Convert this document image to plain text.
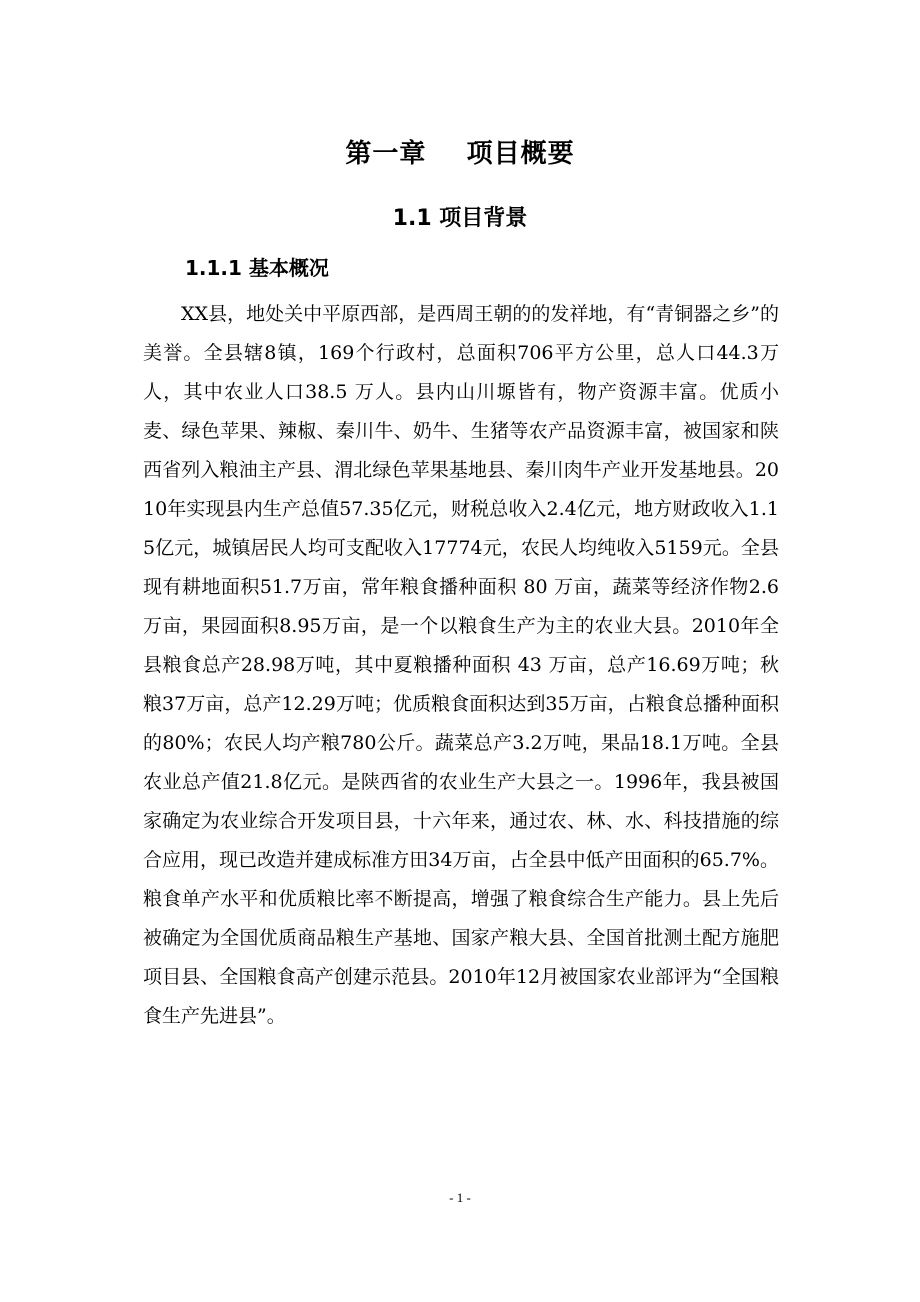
第一章    项目概要
1.1 项目背景
1.1.1 基本概况

XX县，地处关中平原西部，是西周王朝的的发祥地，有“青铜器之乡”的美誉。全县辖8镇，169个行政村，总面积706平方公里，总人口44.3万人，其中农业人口38.5 万人。县内山川塬皆有，物产资源丰富。优质小麦、绿色苹果、辣椒、秦川牛、奶牛、生猪等农产品资源丰富，被国家和陕西省列入粮油主产县、渭北绿色苹果基地县、秦川肉牛产业开发基地县。2010年实现县内生产总值57.35亿元，财税总收入2.4亿元，地方财政收入1.15亿元，城镇居民人均可支配收入17774元，农民人均纯收入5159元。全县现有耕地面积51.7万亩，常年粮食播种面积 80 万亩，蔬菜等经济作物2.6万亩，果园面积8.95万亩，是一个以粮食生产为主的农业大县。2010年全县粮食总产28.98万吨，其中夏粮播种面积 43 万亩，总产16.69万吨；秋粮37万亩，总产12.29万吨；优质粮食面积达到35万亩，占粮食总播种面积的80%；农民人均产粮780公斤。蔬菜总产3.2万吨，果品18.1万吨。全县农业总产值21.8亿元。是陕西省的农业生产大县之一。1996年，我县被国家确定为农业综合开发项目县，十六年来，通过农、林、水、科技措施的综合应用，现已改造并建成标准方田34万亩，占全县中低产田面积的65.7%。粮食单产水平和优质粮比率不断提高，增强了粮食综合生产能力。县上先后被确定为全国优质商品粮生产基地、国家产粮大县、全国首批测土配方施肥项目县、全国粮食高产创建示范县。2010年12月被国家农业部评为“全国粮食生产先进县”。

- 1 -
